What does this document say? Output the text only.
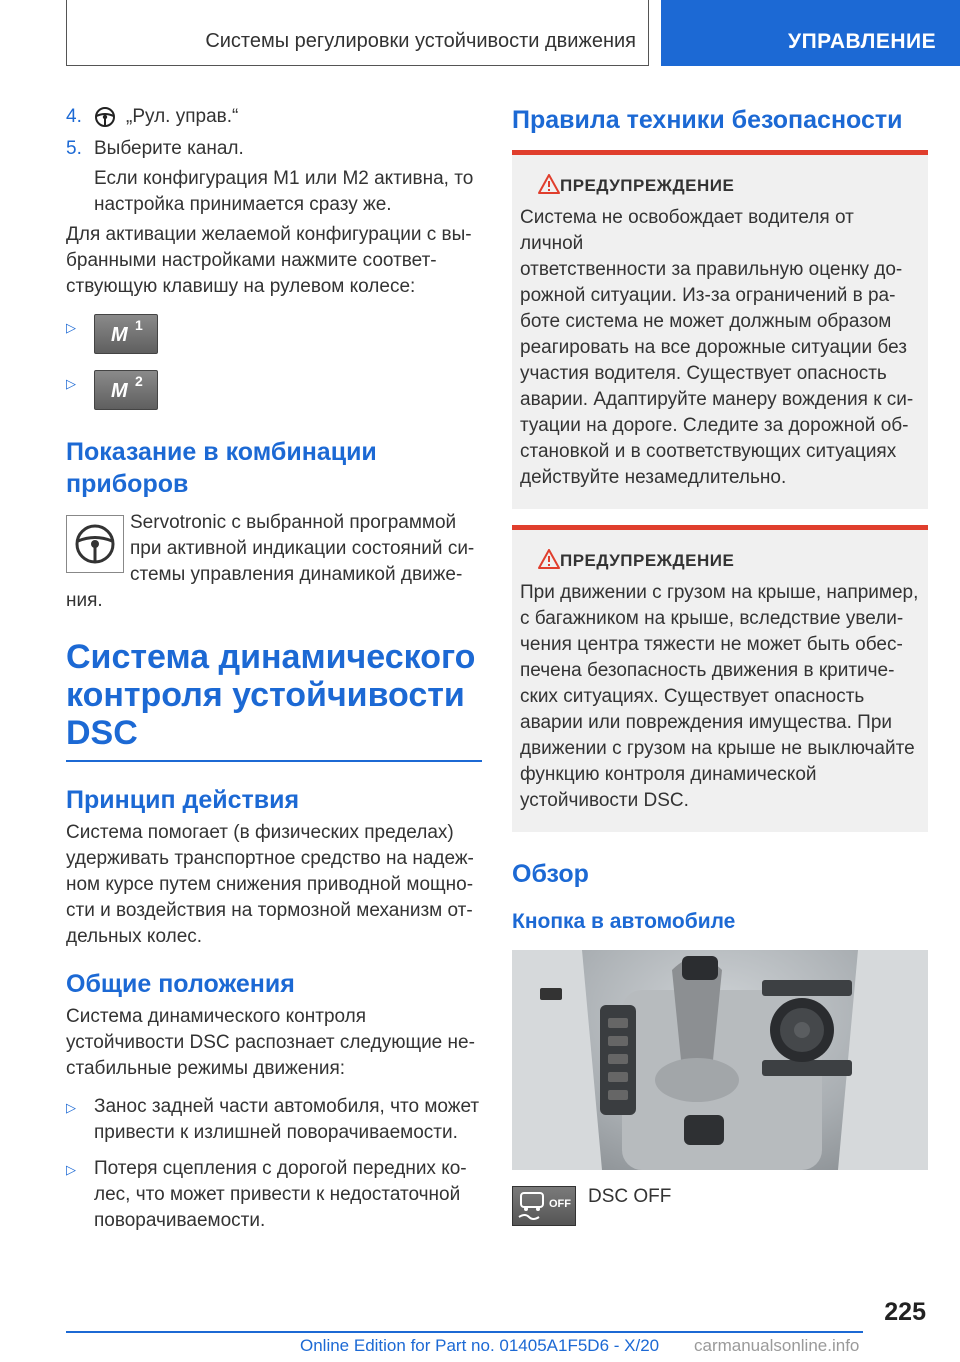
Системы регулировки устойчивости движения	УПРАВЛЕНИЕ
4.	„Рул. управ.“
5. Выберите канал.
Если конфигурация M1 или M2 активна, то
настройка принимается сразу же.
Для активации желаемой конфигурации с вы-
бранными настройками нажмите соответ-
ствующую клавишу на рулевом колесе:
▷	M 1
▷	M 2
Показание в комбинации
приборов
Servotronic с выбранной программой
при активной индикации состояний си-
стемы управления динамикой движе-
ния.
Система динамического
контроля устойчивости
DSC
Принцип действия
Система помогает (в физических пределах)
удерживать транспортное средство на надеж-
ном курсе путем снижения приводной мощно-
сти и воздействия на тормозной механизм от-
дельных колес.
Общие положения
Система динамического контроля
устойчивости DSC распознает следующие не-
стабильные режимы движения:
▷ Занос задней части автомобиля, что может
привести к излишней поворачиваемости.
▷ Потеря сцепления с дорогой передних ко-
лес, что может привести к недостаточной
поворачиваемости.
Правила техники безопасности
ПРЕДУПРЕЖДЕНИЕ
Система не освобождает водителя от личной
ответственности за правильную оценку до-
рожной ситуации. Из-за ограничений в ра-
боте система не может должным образом
реагировать на все дорожные ситуации без
участия водителя. Существует опасность
аварии. Адаптируйте манеру вождения к си-
туации на дороге. Следите за дорожной об-
становкой и в соответствующих ситуациях
действуйте незамедлительно.
ПРЕДУПРЕЖДЕНИЕ
При движении с грузом на крыше, например,
с багажником на крыше, вследствие увели-
чения центра тяжести не может быть обес-
печена безопасность движения в критиче-
ских ситуациях. Существует опасность
аварии или повреждения имущества. При
движении с грузом на крыше не выключайте
функцию контроля динамической
устойчивости DSC.
Обзор
Кнопка в автомобиле
OFF DSC OFF
225
Online Edition for Part no. 01405A1F5D6 - X/20 carmanualsonline.info
